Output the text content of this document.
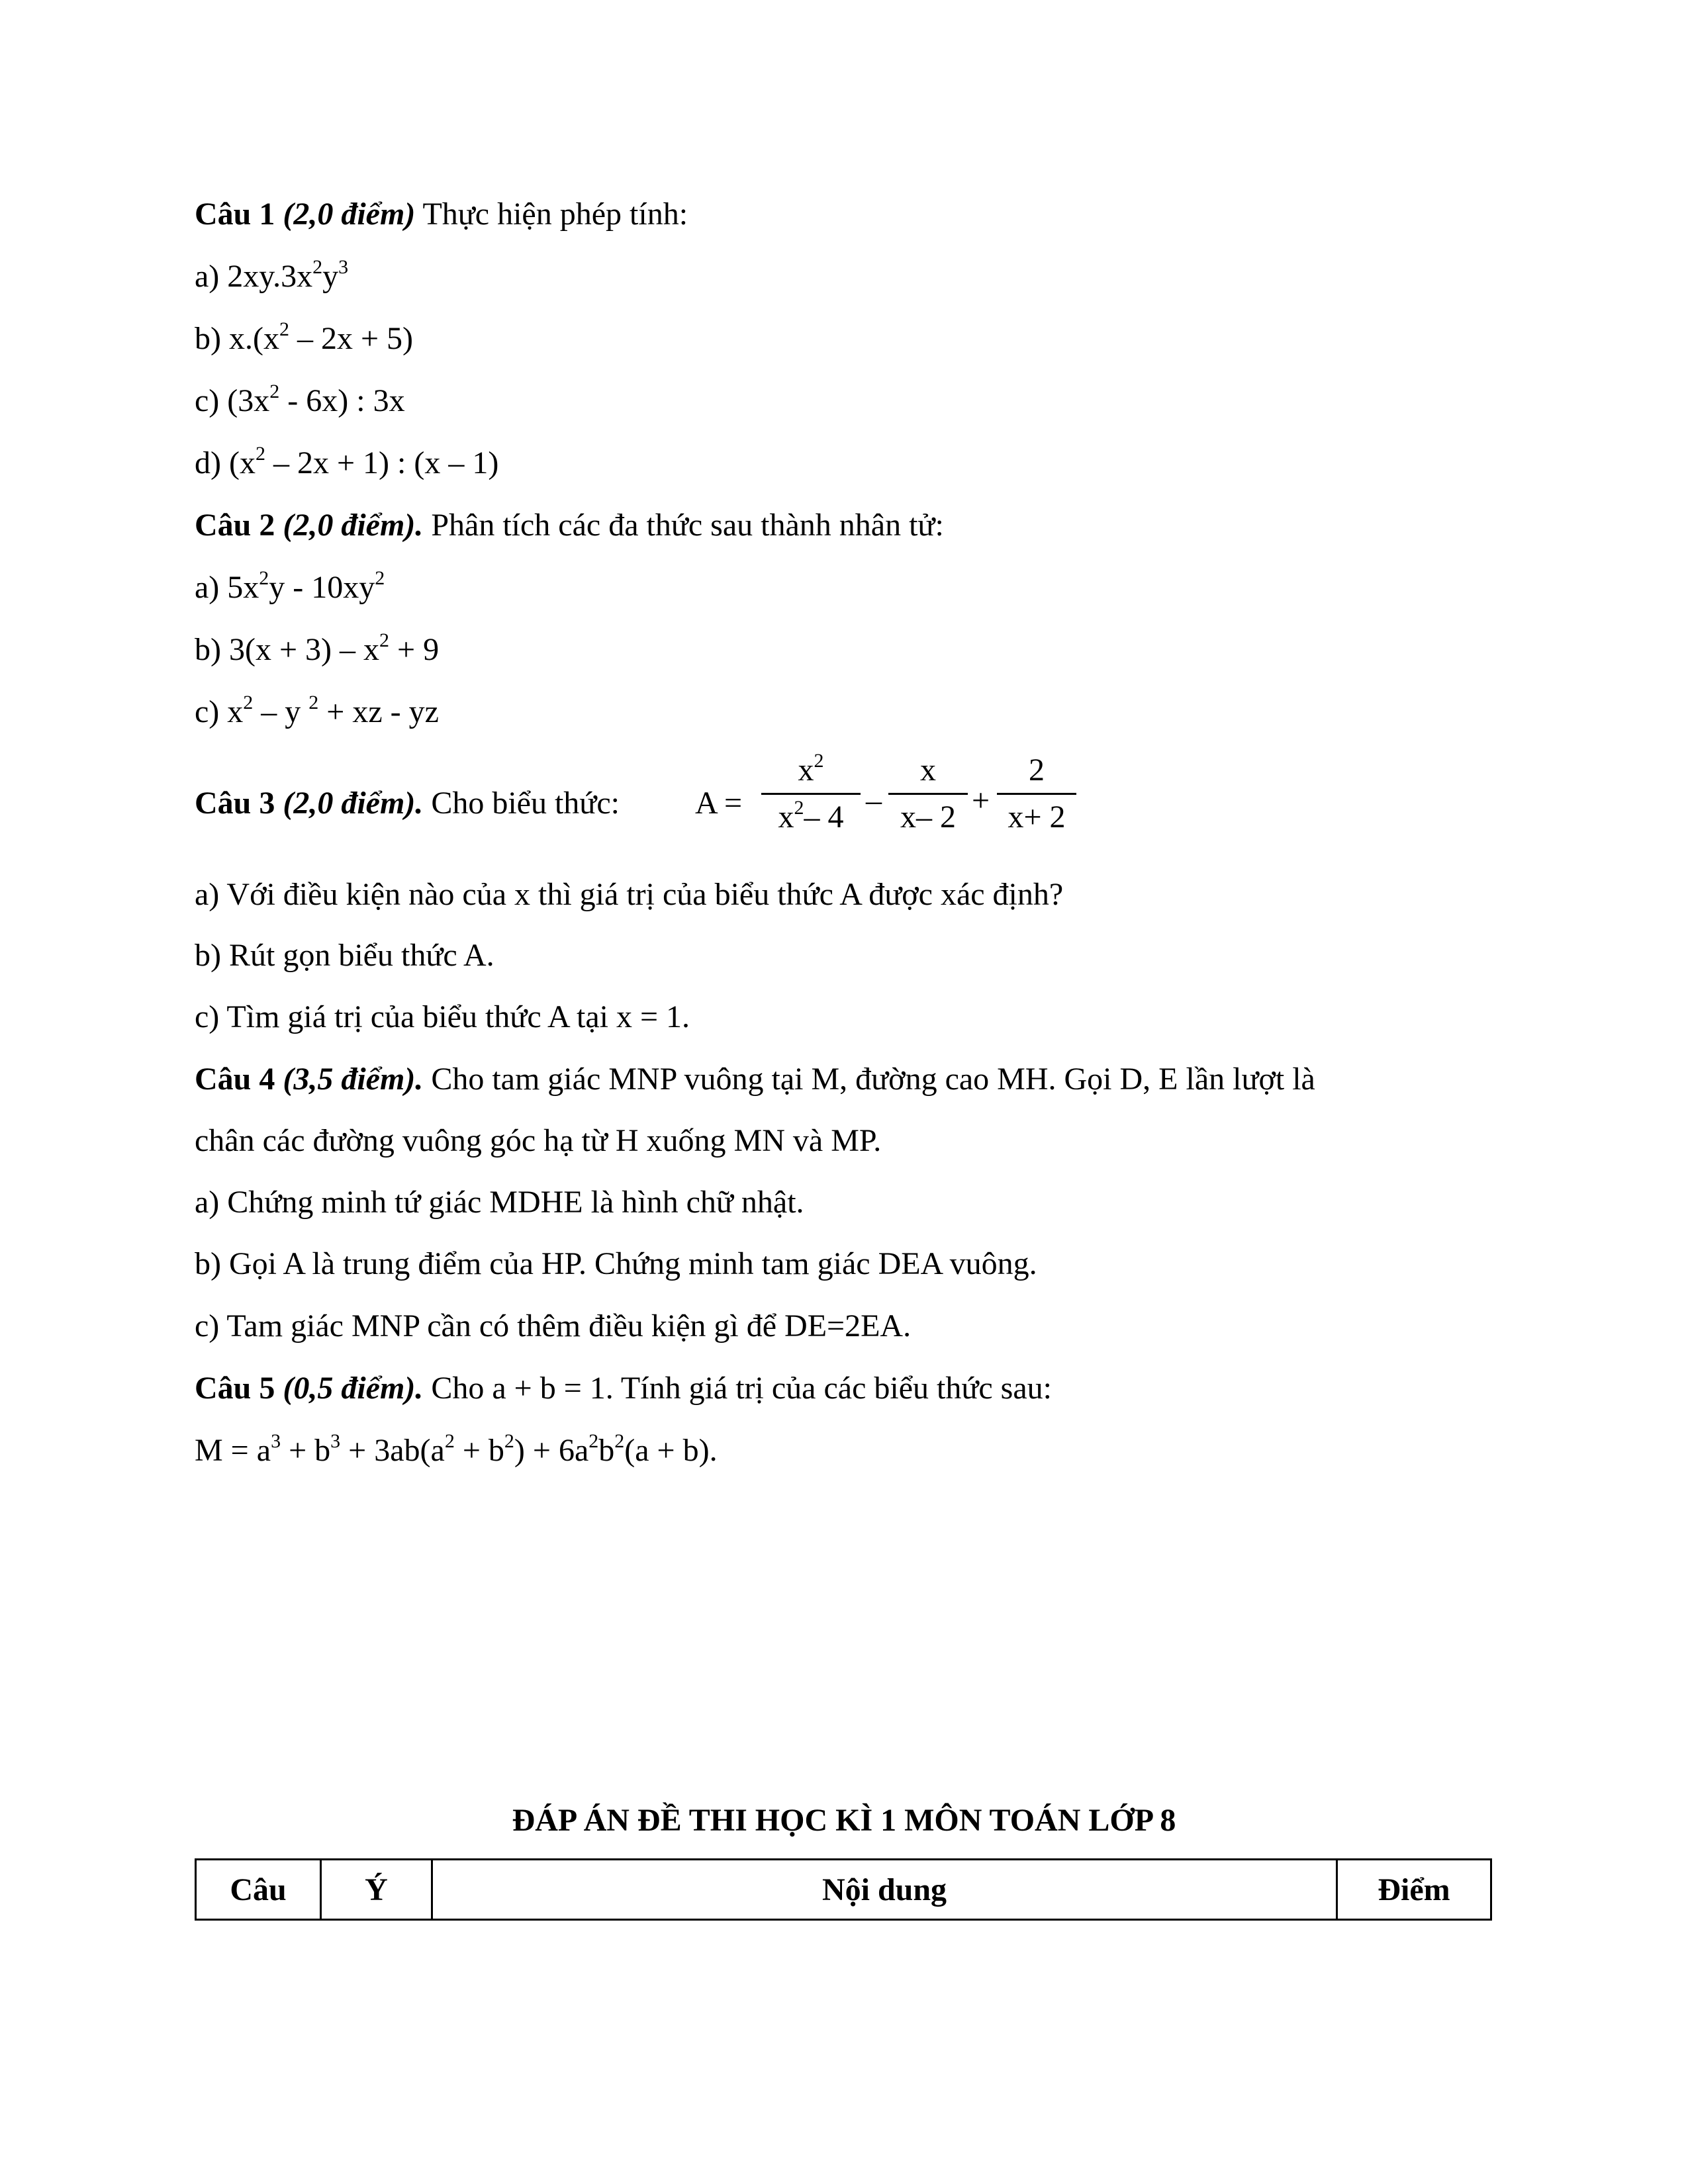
Câu 1 (2,0 điểm) Thực hiện phép tính:
a) $2xy.3x^2y^3$
b) $x.(x^2 - 2x + 5)$
c) $(3x^2 - 6x)$ : 3x
d) $(x^2 - 2x + 1)$ : (x – 1)
Câu 2 (2,0 điểm). Phân tích các đa thức sau thành nhân tử:
a) $5x^2y - 10xy^2$
b) $3(x + 3) - x^2 + 9$
c) $x^2$ – y $^2$ + xz - yz
Câu 3 (2,0 điểm). Cho biểu thức: $A = \frac{x^2}{x^2- 4} - \frac{x}{x- 2} + \frac{2}{x+ 2}$
a) Với điều kiện nào của x thì giá trị của biểu thức A được xác định?
b) Rút gọn biểu thức A.
c) Tìm giá trị của biểu thức A tại x = 1.
Câu 4 (3,5 điểm). Cho tam giác MNP vuông tại M, đường cao MH. Gọi D, E lần lượt là
chân các đường vuông góc hạ từ H xuống MN và MP.
a) Chứng minh tứ giác MDHE là hình chữ nhật.
b) Gọi A là trung điểm của HP. Chứng minh tam giác DEA vuông.
c) Tam giác MNP cần có thêm điều kiện gì để DE=2EA.
Câu 5 (0,5 điểm). Cho a + b = 1. Tính giá trị của các biểu thức sau:
$M = a^3 + b^3 + 3ab(a^2 + b^2) + 6a^2b^2(a + b)$.
ĐÁP ÁN ĐỀ THI HỌC KÌ 1 MÔN TOÁN LỚP 8
Câu	Ý	Nội dung	Điểm
